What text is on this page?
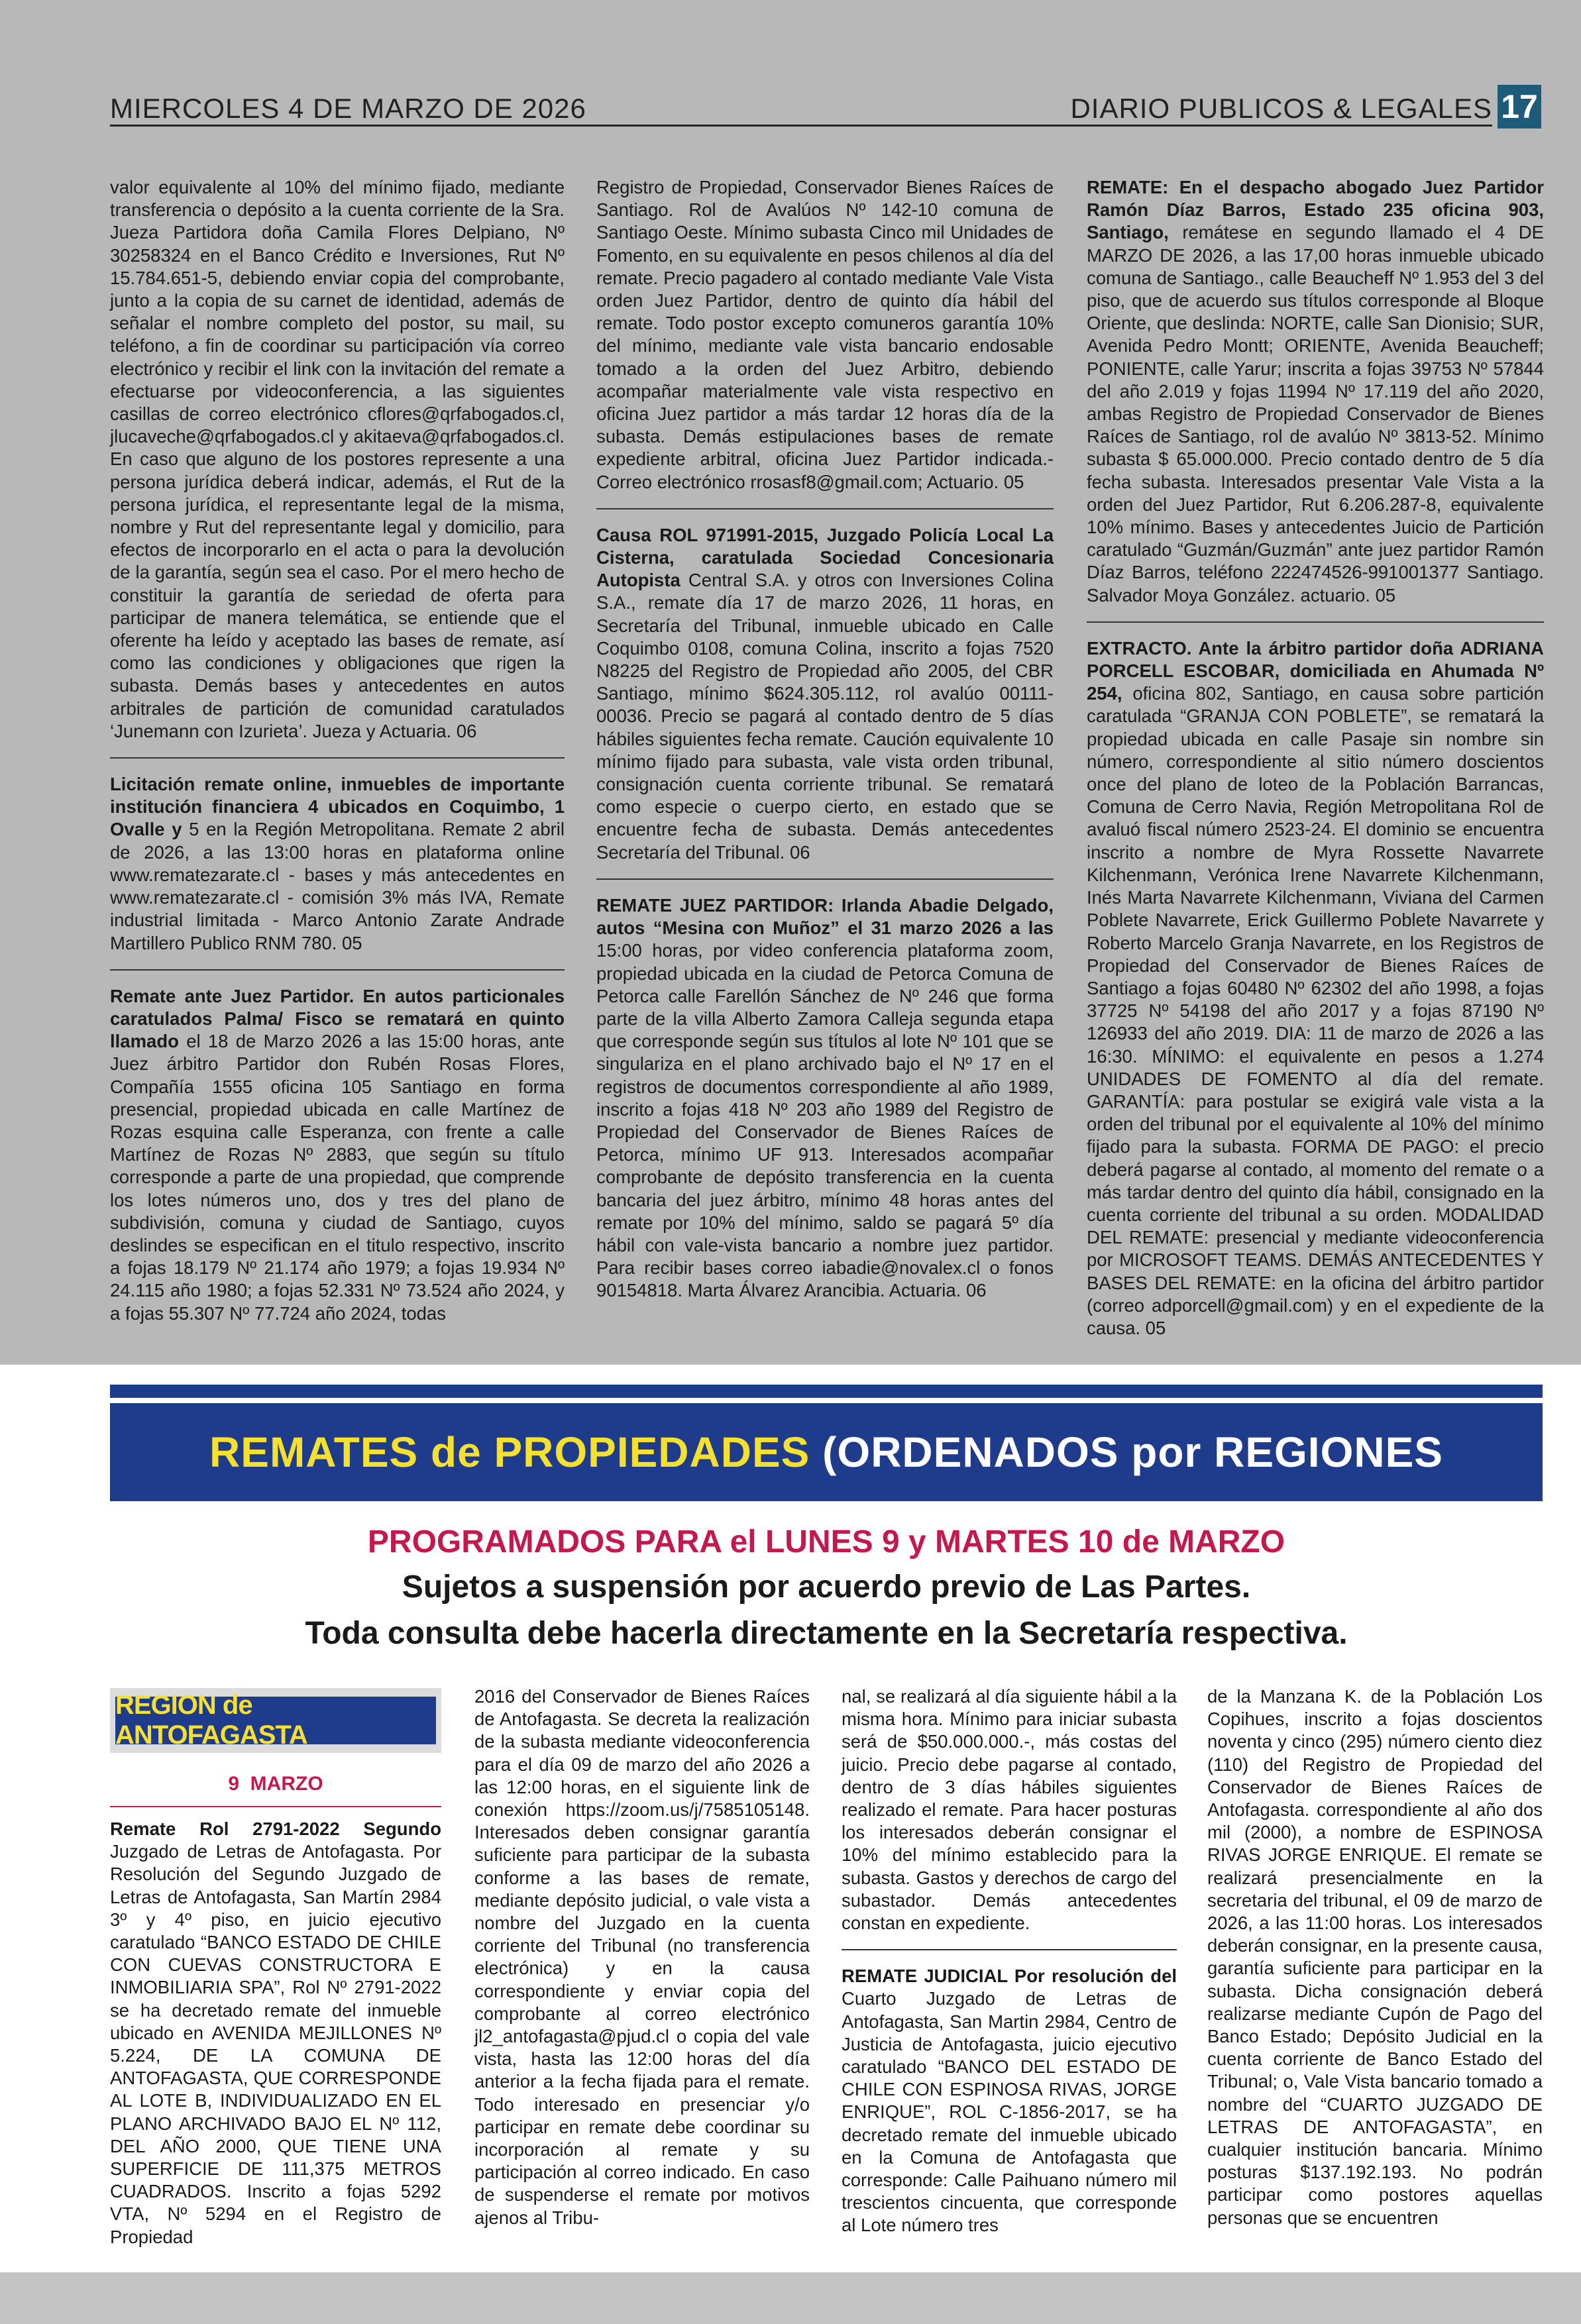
MIERCOLES 4 DE MARZO DE 2026	DIARIO PUBLICOS & LEGALES 17

valor equivalente al 10% del mínimo fijado, mediante transferencia o depósito a la cuenta corriente de la Sra. Jueza Partidora doña Camila Flores Delpiano, Nº 30258324 en el Banco Crédito e Inversiones, Rut Nº 15.784.651-5, debiendo enviar copia del comprobante, junto a la copia de su carnet de identidad, además de señalar el nombre completo del postor, su mail, su teléfono, a fin de coordinar su participación vía correo electrónico y recibir el link con la invitación del remate a efectuarse por videoconferencia, a las siguientes casillas de correo electrónico cflores@qrfabogados.cl, jlucaveche@qrfabogados.cl y akitaeva@qrfabogados.cl. En caso que alguno de los postores represente a una persona jurídica deberá indicar, además, el Rut de la persona jurídica, el representante legal de la misma, nombre y Rut del representante legal y domicilio, para efectos de incorporarlo en el acta o para la devolución de la garantía, según sea el caso. Por el mero hecho de constituir la garantía de seriedad de oferta para participar de manera telemática, se entiende que el oferente ha leído y aceptado las bases de remate, así como las condiciones y obligaciones que rigen la subasta. Demás bases y antecedentes en autos arbitrales de partición de comunidad caratulados ‘Junemann con Izurieta’. Jueza y Actuaria. 06

Licitación remate online, inmuebles de importante institución financiera 4 ubicados en Coquimbo, 1 Ovalle y 5 en la Región Metropolitana. Remate 2 abril de 2026, a las 13:00 horas en plataforma online www.rematezarate.cl - bases y más antecedentes en www.rematezarate.cl - comisión 3% más IVA, Remate industrial limitada - Marco Antonio Zarate Andrade Martillero Publico RNM 780. 05

Remate ante Juez Partidor. En autos particionales caratulados Palma/ Fisco se rematará en quinto llamado el 18 de Marzo 2026 a las 15:00 horas, ante Juez árbitro Partidor don Rubén Rosas Flores, Compañía 1555 oficina 105 Santiago en forma presencial, propiedad ubicada en calle Martínez de Rozas esquina calle Esperanza, con frente a calle Martínez de Rozas Nº 2883, que según su título corresponde a parte de una propiedad, que comprende los lotes números uno, dos y tres del plano de subdivisión, comuna y ciudad de Santiago, cuyos deslindes se especifican en el titulo respectivo, inscrito a fojas 18.179 Nº 21.174 año 1979; a fojas 19.934 Nº 24.115 año 1980; a fojas 52.331 Nº 73.524 año 2024, y a fojas 55.307 Nº 77.724 año 2024, todas

Registro de Propiedad, Conservador Bienes Raíces de Santiago. Rol de Avalúos Nº 142-10 comuna de Santiago Oeste. Mínimo subasta Cinco mil Unidades de Fomento, en su equivalente en pesos chilenos al día del remate. Precio pagadero al contado mediante Vale Vista orden Juez Partidor, dentro de quinto día hábil del remate. Todo postor excepto comuneros garantía 10% del mínimo, mediante vale vista bancario endosable tomado a la orden del Juez Arbitro, debiendo acompañar materialmente vale vista respectivo en oficina Juez partidor a más tardar 12 horas día de la subasta. Demás estipulaciones bases de remate expediente arbitral, oficina Juez Partidor indicada.- Correo electrónico rrosasf8@gmail.com; Actuario. 05

Causa ROL 971991-2015, Juzgado Policía Local La Cisterna, caratulada Sociedad Concesionaria Autopista Central S.A. y otros con Inversiones Colina S.A., remate día 17 de marzo 2026, 11 horas, en Secretaría del Tribunal, inmueble ubicado en Calle Coquimbo 0108, comuna Colina, inscrito a fojas 7520 N8225 del Registro de Propiedad año 2005, del CBR Santiago, mínimo $624.305.112, rol avalúo 00111-00036. Precio se pagará al contado dentro de 5 días hábiles siguientes fecha remate. Caución equivalente 10 mínimo fijado para subasta, vale vista orden tribunal, consignación cuenta corriente tribunal. Se rematará como especie o cuerpo cierto, en estado que se encuentre fecha de subasta. Demás antecedentes Secretaría del Tribunal. 06

REMATE JUEZ PARTIDOR: Irlanda Abadie Delgado, autos “Mesina con Muñoz” el 31 marzo 2026 a las 15:00 horas, por video conferencia plataforma zoom, propiedad ubicada en la ciudad de Petorca Comuna de Petorca calle Farellón Sánchez de Nº 246 que forma parte de la villa Alberto Zamora Calleja segunda etapa que corresponde según sus títulos al lote Nº 101 que se singulariza en el plano archivado bajo el Nº 17 en el registros de documentos correspondiente al año 1989, inscrito a fojas 418 Nº 203 año 1989 del Registro de Propiedad del Conservador de Bienes Raíces de Petorca, mínimo UF 913. Interesados acompañar comprobante de depósito transferencia en la cuenta bancaria del juez árbitro, mínimo 48 horas antes del remate por 10% del mínimo, saldo se pagará 5º día hábil con vale-vista bancario a nombre juez partidor. Para recibir bases correo iabadie@novalex.cl o fonos 90154818. Marta Álvarez Arancibia. Actuaria. 06

REMATE: En el despacho abogado Juez Partidor Ramón Díaz Barros, Estado 235 oficina 903, Santiago, remátese en segundo llamado el 4 DE MARZO DE 2026, a las 17,00 horas inmueble ubicado comuna de Santiago., calle Beaucheff Nº 1.953 del 3 del piso, que de acuerdo sus títulos corresponde al Bloque Oriente, que deslinda: NORTE, calle San Dionisio; SUR, Avenida Pedro Montt; ORIENTE, Avenida Beaucheff; PONIENTE, calle Yarur; inscrita a fojas 39753 Nº 57844 del año 2.019 y fojas 11994 Nº 17.119 del año 2020, ambas Registro de Propiedad Conservador de Bienes Raíces de Santiago, rol de avalúo Nº 3813-52. Mínimo subasta $ 65.000.000. Precio contado dentro de 5 día fecha subasta. Interesados presentar Vale Vista a la orden del Juez Partidor, Rut 6.206.287-8, equivalente 10% mínimo. Bases y antecedentes Juicio de Partición caratulado “Guzmán/Guzmán” ante juez partidor Ramón Díaz Barros, teléfono 222474526-991001377 Santiago. Salvador Moya González. actuario. 05

EXTRACTO. Ante la árbitro partidor doña ADRIANA PORCELL ESCOBAR, domiciliada en Ahumada Nº 254, oficina 802, Santiago, en causa sobre partición caratulada “GRANJA CON POBLETE”, se rematará la propiedad ubicada en calle Pasaje sin nombre sin número, correspondiente al sitio número doscientos once del plano de loteo de la Población Barrancas, Comuna de Cerro Navia, Región Metropolitana Rol de avaluó fiscal número 2523-24. El dominio se encuentra inscrito a nombre de Myra Rossette Navarrete Kilchenmann, Verónica Irene Navarrete Kilchenmann, Inés Marta Navarrete Kilchenmann, Viviana del Carmen Poblete Navarrete, Erick Guillermo Poblete Navarrete y Roberto Marcelo Granja Navarrete, en los Registros de Propiedad del Conservador de Bienes Raíces de Santiago a fojas 60480 Nº 62302 del año 1998, a fojas 37725 Nº 54198 del año 2017 y a fojas 87190 Nº 126933 del año 2019. DIA: 11 de marzo de 2026 a las 16:30. MÍNIMO: el equivalente en pesos a 1.274 UNIDADES DE FOMENTO al día del remate. GARANTÍA: para postular se exigirá vale vista a la orden del tribunal por el equivalente al 10% del mínimo fijado para la subasta. FORMA DE PAGO: el precio deberá pagarse al contado, al momento del remate o a más tardar dentro del quinto día hábil, consignado en la cuenta corriente del tribunal a su orden. MODALIDAD DEL REMATE: presencial y mediante videoconferencia por MICROSOFT TEAMS. DEMÁS ANTECEDENTES Y BASES DEL REMATE: en la oficina del árbitro partidor (correo adporcell@gmail.com) y en el expediente de la causa. 05

REMATES de PROPIEDADES (ORDENADOS por REGIONES
PROGRAMADOS PARA el LUNES 9 y MARTES 10 de MARZO
Sujetos a suspensión por acuerdo previo de Las Partes.
Toda consulta debe hacerla directamente en la Secretaría respectiva.
REGION de ANTOFAGASTA
9  MARZO

Remate Rol 2791-2022 Segundo Juzgado de Letras de Antofagasta. Por Resolución del Segundo Juzgado de Letras de Antofagasta, San Martín 2984 3º y 4º piso, en juicio ejecutivo caratulado “BANCO ESTADO DE CHILE CON CUEVAS CONSTRUCTORA E INMOBILIARIA SPA”, Rol Nº 2791-2022 se ha decretado remate del inmueble ubicado en AVENIDA MEJILLONES Nº 5.224, DE LA COMUNA DE ANTOFAGASTA, QUE CORRESPONDE AL LOTE B, INDIVIDUALIZADO EN EL PLANO ARCHIVADO BAJO EL Nº 112, DEL AÑO 2000, QUE TIENE UNA SUPERFICIE DE 111,375 METROS CUADRADOS. Inscrito a fojas 5292 VTA, Nº 5294 en el Registro de Propiedad

2016 del Conservador de Bienes Raíces de Antofagasta. Se decreta la realización de la subasta mediante videoconferencia para el día 09 de marzo del año 2026 a las 12:00 horas, en el siguiente link de conexión https://zoom.us/j/7585105148. Interesados deben consignar garantía suficiente para participar de la subasta conforme a las bases de remate, mediante depósito judicial, o vale vista a nombre del Juzgado en la cuenta corriente del Tribunal (no transferencia electrónica) y en la causa correspondiente y enviar copia del comprobante al correo electrónico jl2_antofagasta@pjud.cl o copia del vale vista, hasta las 12:00 horas del día anterior a la fecha fijada para el remate. Todo interesado en presenciar y/o participar en remate debe coordinar su incorporación al remate y su participación al correo indicado. En caso de suspenderse el remate por motivos ajenos al Tribu-

nal, se realizará al día siguiente hábil a la misma hora. Mínimo para iniciar subasta será de $50.000.000.-, más costas del juicio. Precio debe pagarse al contado, dentro de 3 días hábiles siguientes realizado el remate. Para hacer posturas los interesados deberán consignar el 10% del mínimo establecido para la subasta. Gastos y derechos de cargo del subastador. Demás antecedentes constan en expediente.

REMATE JUDICIAL Por resolución del Cuarto Juzgado de Letras de Antofagasta, San Martin 2984, Centro de Justicia de Antofagasta, juicio ejecutivo caratulado “BANCO DEL ESTADO DE CHILE CON ESPINOSA RIVAS, JORGE ENRIQUE”, ROL C-1856-2017, se ha decretado remate del inmueble ubicado en la Comuna de Antofagasta que corresponde: Calle Paihuano número mil trescientos cincuenta, que corresponde al Lote número tres

de la Manzana K. de la Población Los Copihues, inscrito a fojas doscientos noventa y cinco (295) número ciento diez (110) del Registro de Propiedad del Conservador de Bienes Raíces de Antofagasta. correspondiente al año dos mil (2000), a nombre de ESPINOSA RIVAS JORGE ENRIQUE. El remate se realizará presencialmente en la secretaria del tribunal, el 09 de marzo de 2026, a las 11:00 horas. Los interesados deberán consignar, en la presente causa, garantía suficiente para participar en la subasta. Dicha consignación deberá realizarse mediante Cupón de Pago del Banco Estado; Depósito Judicial en la cuenta corriente de Banco Estado del Tribunal; o, Vale Vista bancario tomado a nombre del “CUARTO JUZGADO DE LETRAS DE ANTOFAGASTA”, en cualquier institución bancaria. Mínimo posturas $137.192.193. No podrán participar como postores aquellas personas que se encuentren
